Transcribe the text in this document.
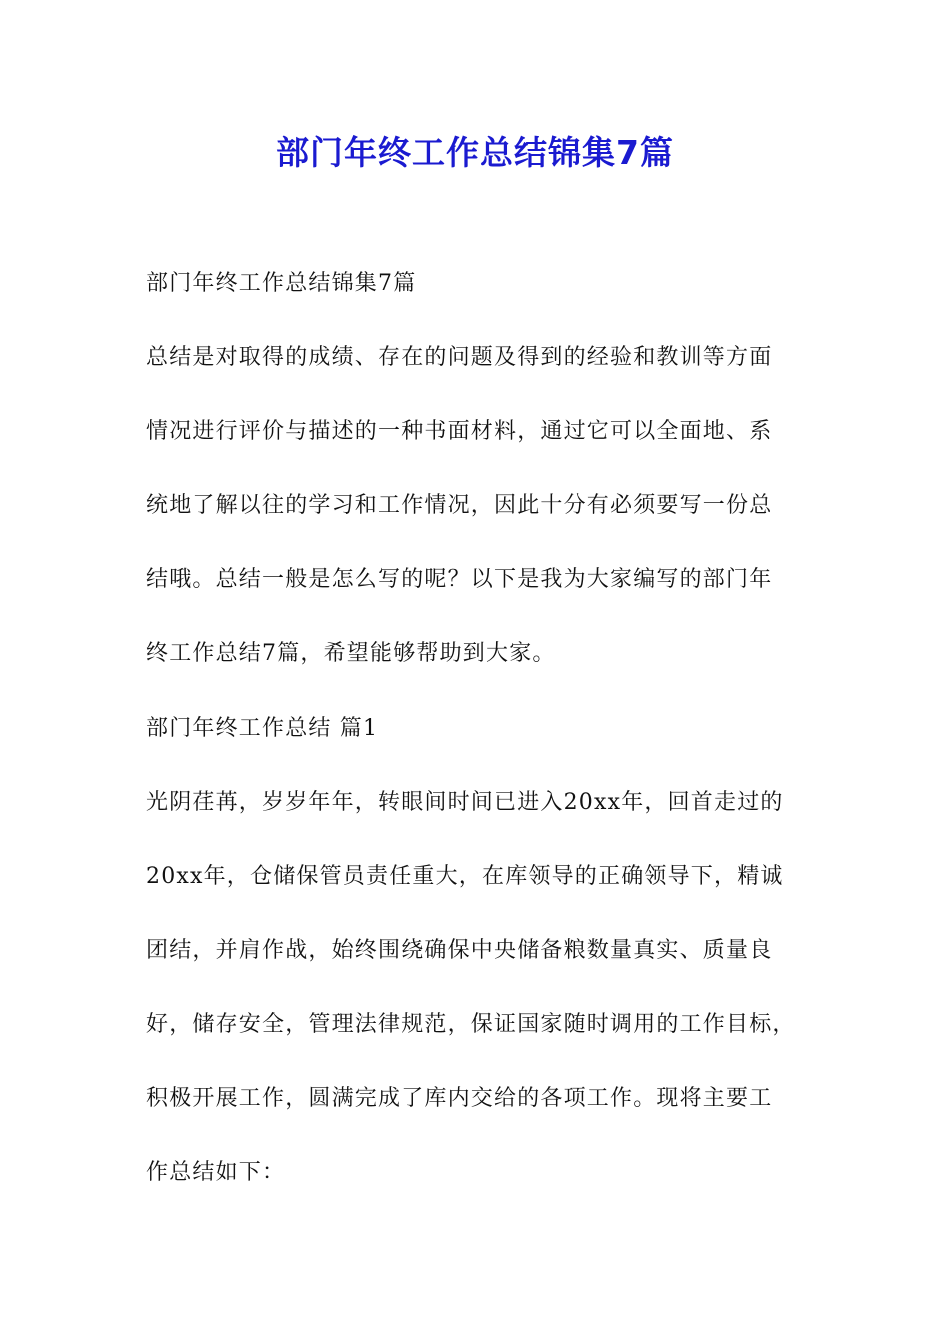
部门年终工作总结锦集7篇

部门年终工作总结锦集7篇

总结是对取得的成绩、存在的问题及得到的经验和教训等方面

情况进行评价与描述的一种书面材料，通过它可以全面地、系

统地了解以往的学习和工作情况，因此十分有必须要写一份总

结哦。总结一般是怎么写的呢？以下是我为大家编写的部门年

终工作总结7篇，希望能够帮助到大家。

部门年终工作总结 篇1

光阴荏苒，岁岁年年，转眼间时间已进入20xx年，回首走过的

20xx年，仓储保管员责任重大，在库领导的正确领导下，精诚

团结，并肩作战，始终围绕确保中央储备粮数量真实、质量良

好，储存安全，管理法律规范，保证国家随时调用的工作目标，

积极开展工作，圆满完成了库内交给的各项工作。现将主要工

作总结如下：
